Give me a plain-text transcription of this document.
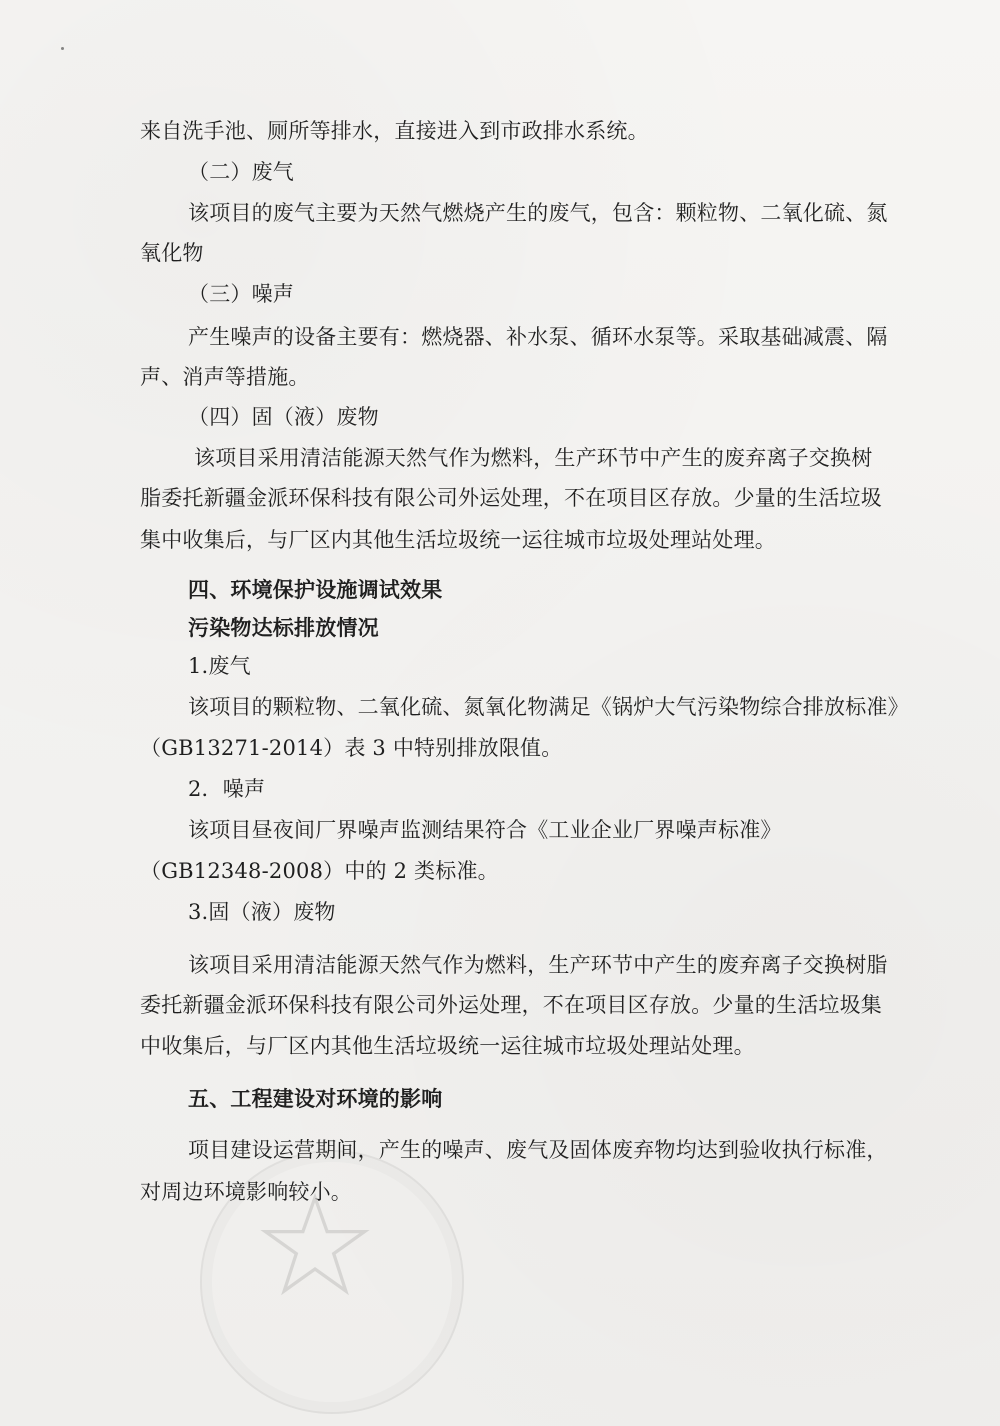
来自洗手池、厕所等排水，直接进入到市政排水系统。
（二）废气
该项目的废气主要为天然气燃烧产生的废气，包含：颗粒物、二氧化硫、氮
氧化物
（三）噪声
产生噪声的设备主要有：燃烧器、补水泵、循环水泵等。采取基础减震、隔
声、消声等措施。
（四）固（液）废物
该项目采用清洁能源天然气作为燃料，生产环节中产生的废弃离子交换树
脂委托新疆金派环保科技有限公司外运处理，不在项目区存放。少量的生活垃圾
集中收集后，与厂区内其他生活垃圾统一运往城市垃圾处理站处理。
四、环境保护设施调试效果
污染物达标排放情况
1.废气
该项目的颗粒物、二氧化硫、氮氧化物满足《锅炉大气污染物综合排放标准》
（GB13271-2014）表 3 中特别排放限值。
2．噪声
该项目昼夜间厂界噪声监测结果符合《工业企业厂界噪声标准》
（GB12348-2008）中的 2 类标准。
3.固（液）废物
该项目采用清洁能源天然气作为燃料，生产环节中产生的废弃离子交换树脂
委托新疆金派环保科技有限公司外运处理，不在项目区存放。少量的生活垃圾集
中收集后，与厂区内其他生活垃圾统一运往城市垃圾处理站处理。
五、工程建设对环境的影响
项目建设运营期间，产生的噪声、废气及固体废弃物均达到验收执行标准，
对周边环境影响较小。
